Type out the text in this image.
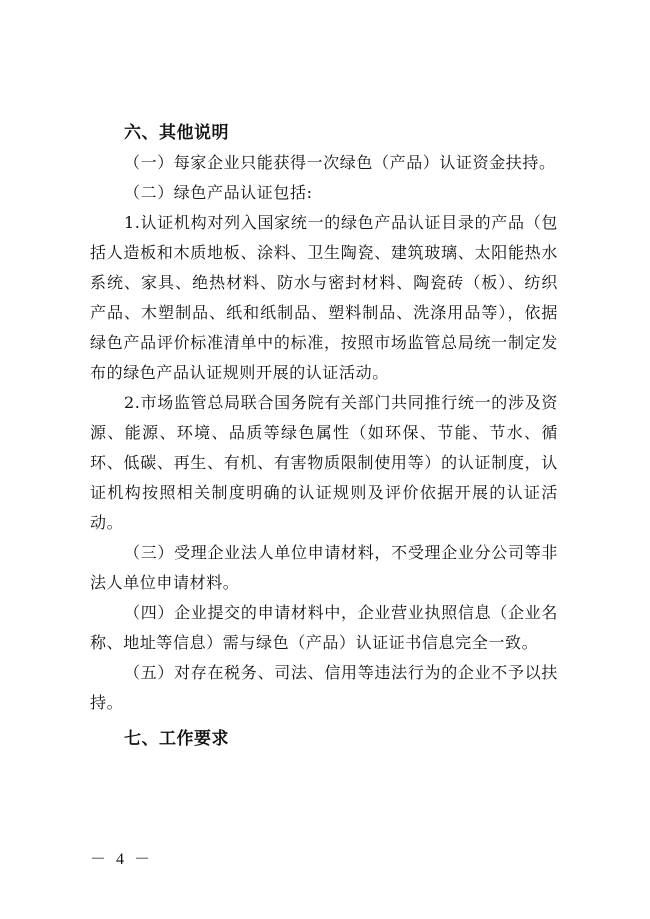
六、其他说明

（一）每家企业只能获得一次绿色（产品）认证资金扶持。

（二）绿色产品认证包括:

1.认证机构对列入国家统一的绿色产品认证目录的产品（包括人造板和木质地板、涂料、卫生陶瓷、建筑玻璃、太阳能热水系统、家具、绝热材料、防水与密封材料、陶瓷砖（板）、纺织产品、木塑制品、纸和纸制品、塑料制品、洗涤用品等），依据绿色产品评价标准清单中的标准，按照市场监管总局统一制定发布的绿色产品认证规则开展的认证活动。

2.市场监管总局联合国务院有关部门共同推行统一的涉及资源、能源、环境、品质等绿色属性（如环保、节能、节水、循环、低碳、再生、有机、有害物质限制使用等）的认证制度，认证机构按照相关制度明确的认证规则及评价依据开展的认证活动。

（三）受理企业法人单位申请材料，不受理企业分公司等非法人单位申请材料。

（四）企业提交的申请材料中，企业营业执照信息（企业名称、地址等信息）需与绿色（产品）认证证书信息完全一致。

（五）对存在税务、司法、信用等违法行为的企业不予以扶持。

七、工作要求
－ 4 －
